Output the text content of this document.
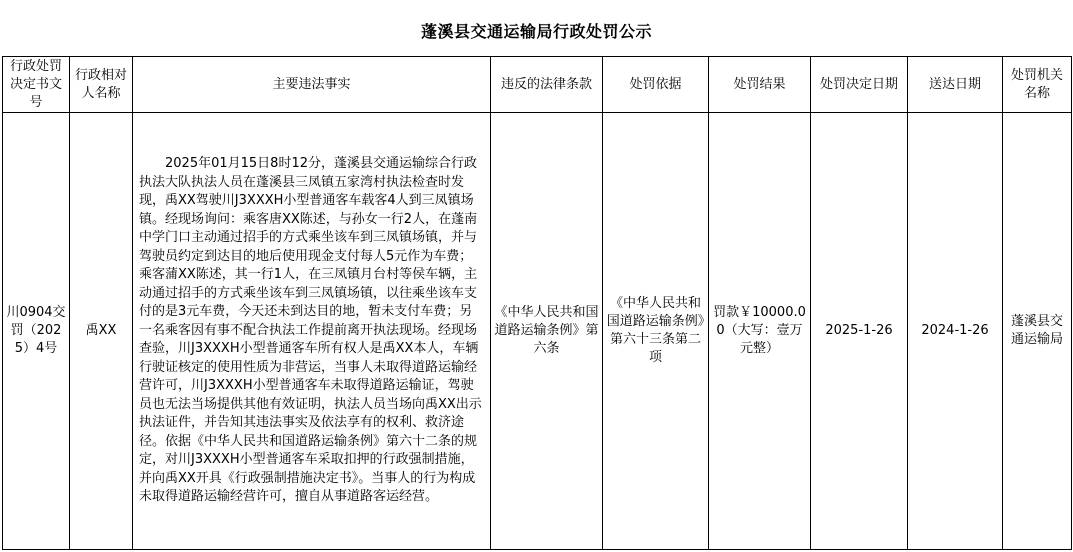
蓬溪县交通运输局行政处罚公示
行政处罚决定书文号	行政相对人名称	主要违法事实	违反的法律条款	处罚依据	处罚结果	处罚决定日期	送达日期	处罚机关名称
川0904交罚（2025）4号	禹XX	2025年01月15日8时12分，蓬溪县交通运输综合行政执法大队执法人员在蓬溪县三凤镇五家湾村执法检查时发现，禹XX驾驶川J3XXXH小型普通客车载客4人到三凤镇场镇。经现场询问：乘客唐XX陈述，与孙女一行2人，在蓬南中学门口主动通过招手的方式乘坐该车到三凤镇场镇，并与驾驶员约定到达目的地后使用现金支付每人5元作为车费；乘客蒲XX陈述，其一行1人，在三凤镇月台村等侯车辆，主动通过招手的方式乘坐该车到三凤镇场镇，以往乘坐该车支付的是3元车费，今天还未到达目的地，暂未支付车费；另一名乘客因有事不配合执法工作提前离开执法现场。经现场查验，川J3XXXH小型普通客车所有权人是禹XX本人，车辆行驶证核定的使用性质为非营运，当事人未取得道路运输经营许可，川J3XXXH小型普通客车未取得道路运输证，驾驶员也无法当场提供其他有效证明，执法人员当场向禹XX出示执法证件，并告知其违法事实及依法享有的权利、救济途径。依据《中华人民共和国道路运输条例》第六十二条的规定，对川J3XXXH小型普通客车采取扣押的行政强制措施，并向禹XX开具《行政强制措施决定书》。当事人的行为构成未取得道路运输经营许可，擅自从事道路客运经营。	《中华人民共和国道路运输条例》第六条	《中华人民共和国道路运输条例》第六十三条第二项	罚款￥10000.00（大写：壹万元整）	2025-1-26	2024-1-26	蓬溪县交通运输局
